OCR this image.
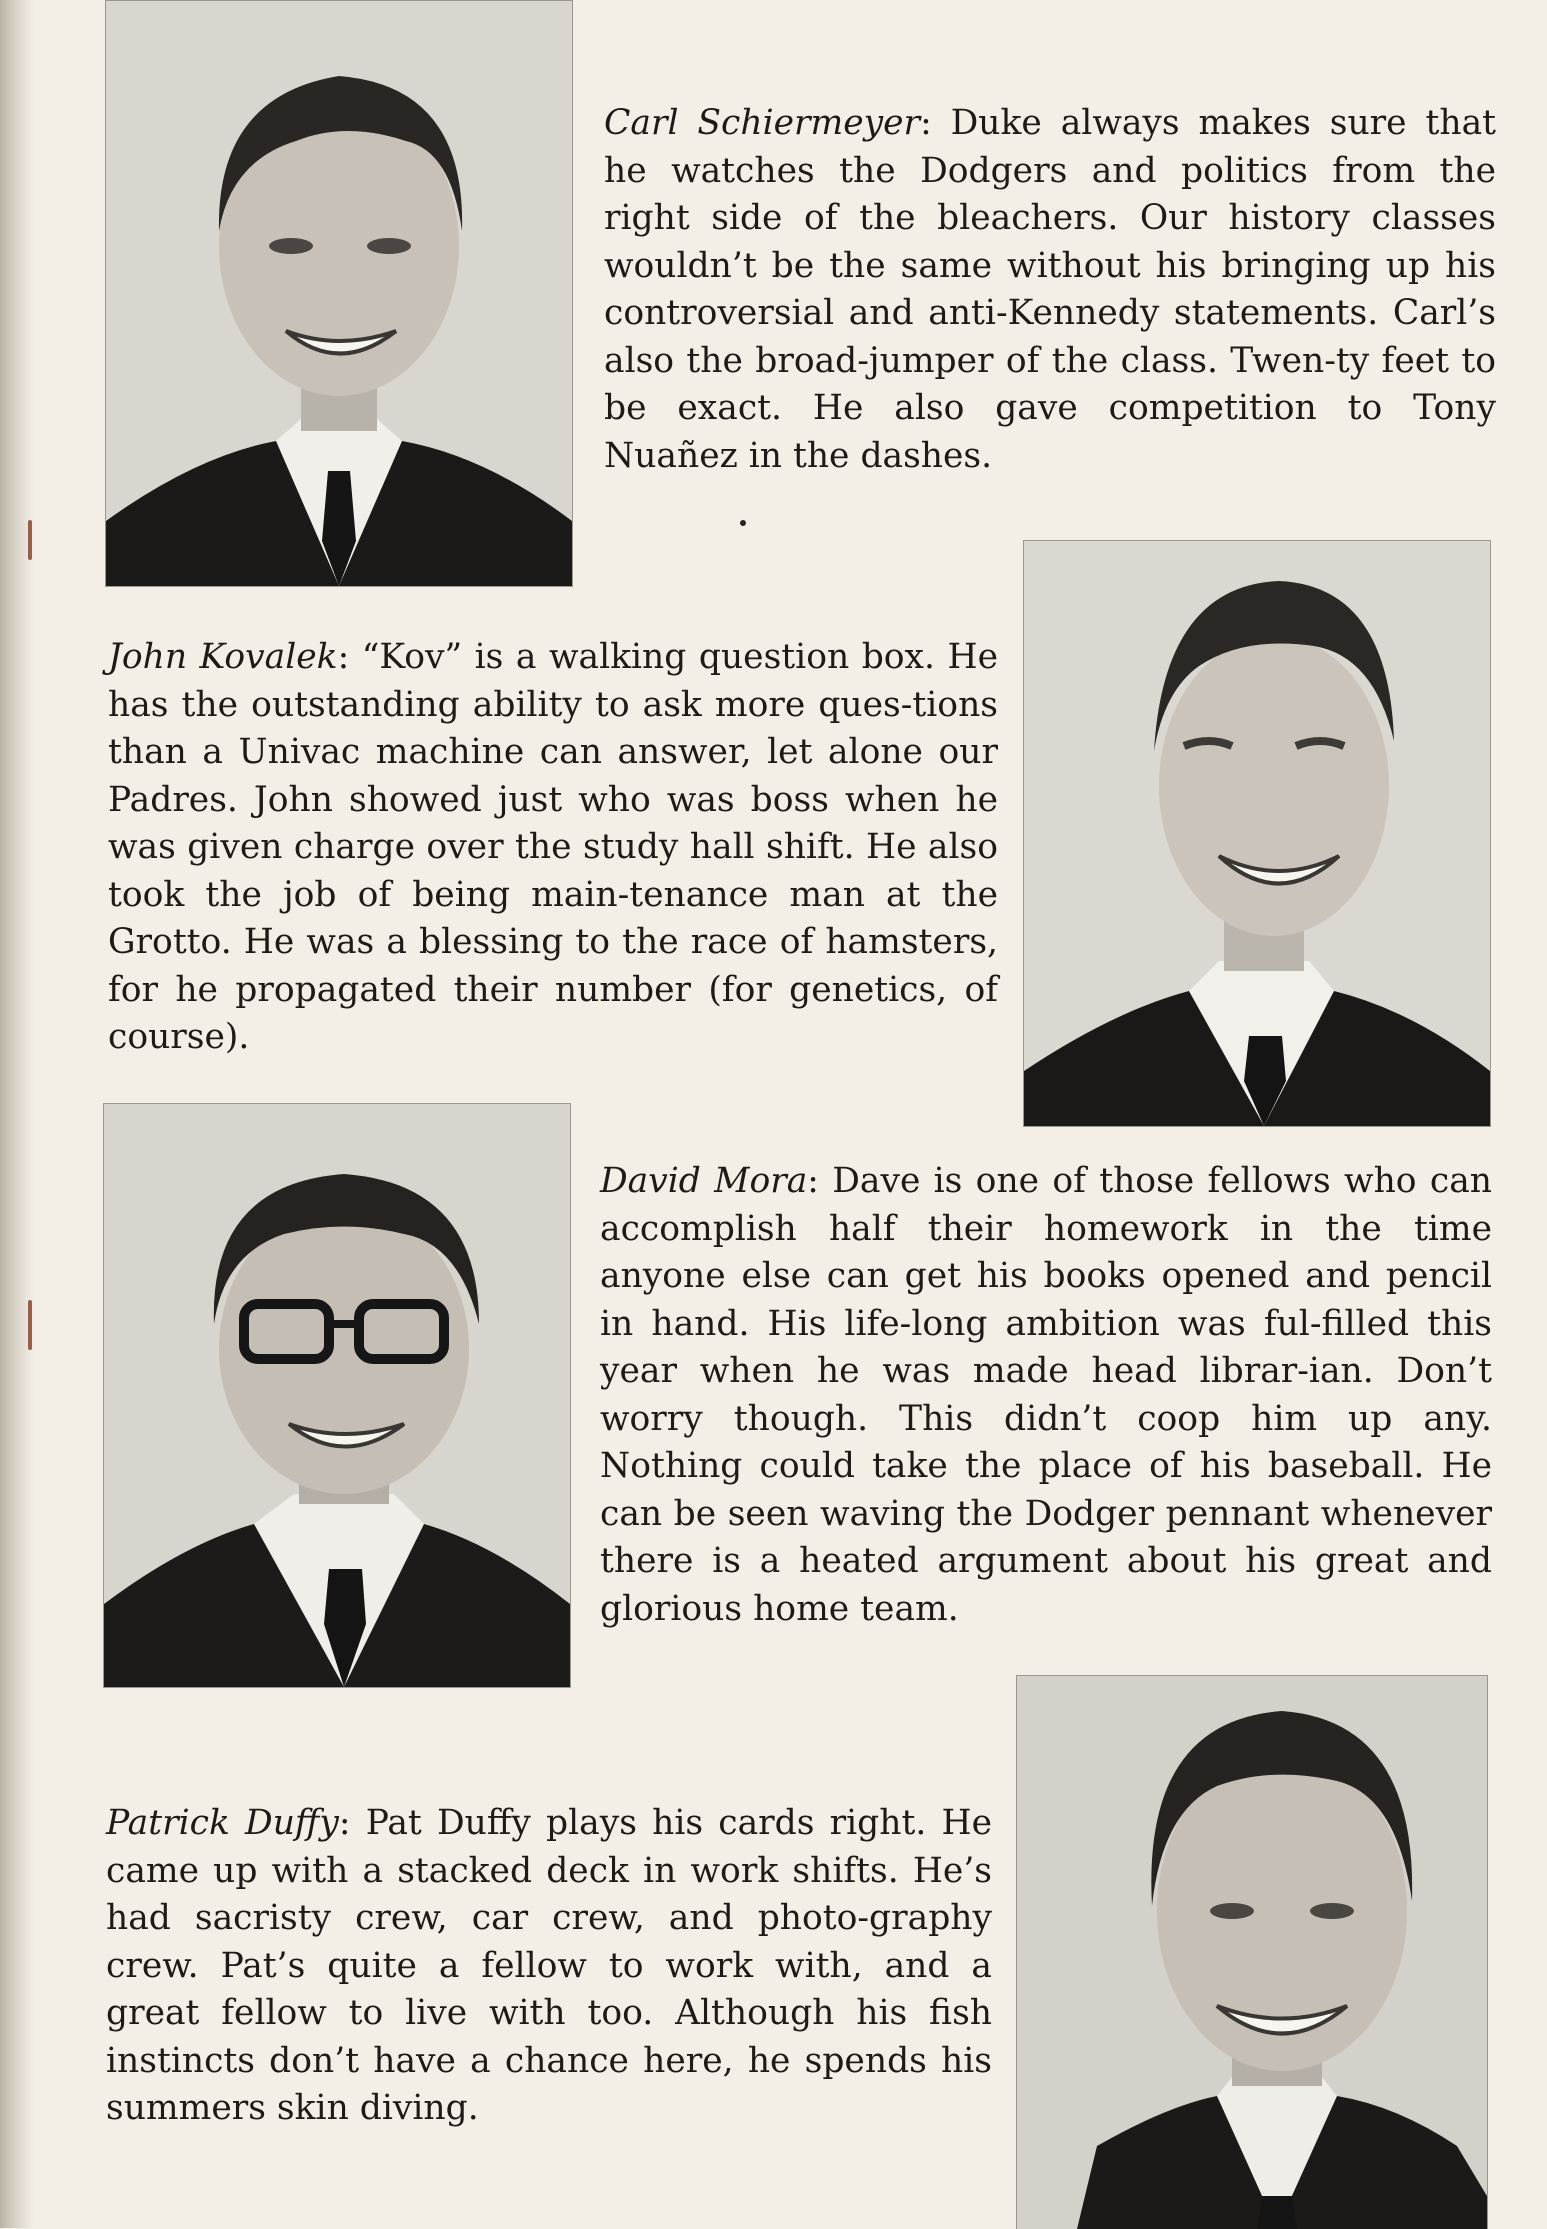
Carl Schiermeyer: Duke always makes sure that he watches the Dodgers and politics from the right side of the bleachers. Our history classes wouldn’t be the same without his bringing up his controversial and anti-Kennedy statements. Carl’s also the broad-jumper of the class. Twen-ty feet to be exact. He also gave competition to Tony Nuañez in the dashes.
John Kovalek: “Kov” is a walking question box. He has the outstanding ability to ask more ques-tions than a Univac machine can answer, let alone our Padres. John showed just who was boss when he was given charge over the study hall shift. He also took the job of being main-tenance man at the Grotto. He was a blessing to the race of hamsters, for he propagated their number (for genetics, of course).
David Mora: Dave is one of those fellows who can accomplish half their homework in the time anyone else can get his books opened and pencil in hand. His life-long ambition was ful-filled this year when he was made head librar-ian. Don’t worry though. This didn’t coop him up any. Nothing could take the place of his baseball. He can be seen waving the Dodger pennant whenever there is a heated argument about his great and glorious home team.
Patrick Duffy: Pat Duffy plays his cards right. He came up with a stacked deck in work shifts. He’s had sacristy crew, car crew, and photo-graphy crew. Pat’s quite a fellow to work with, and a great fellow to live with too. Although his fish instincts don’t have a chance here, he spends his summers skin diving.
